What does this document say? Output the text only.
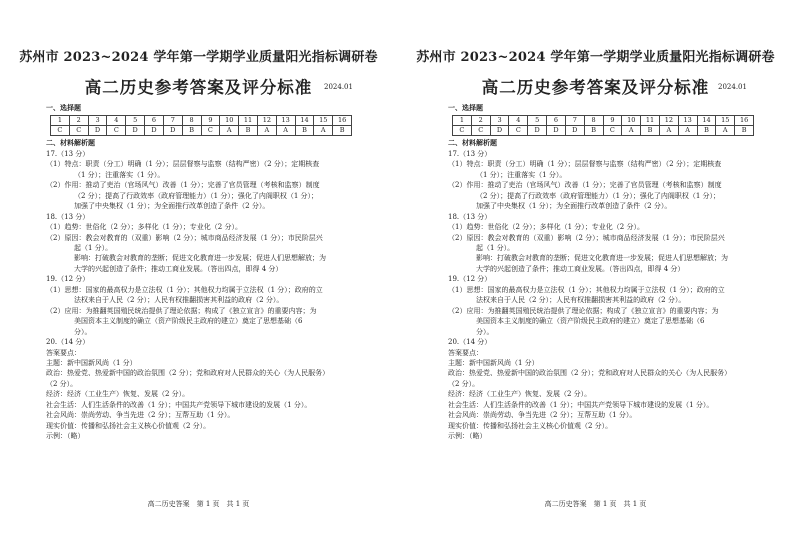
苏州市 2023~2024 学年第一学期学业质量阳光指标调研卷
高二历史参考答案及评分标准	2024.01
一、选择题
1	2	3	4	5	6	7	8	9	10	11	12	13	14	15	16
C	C	D	C	D	D	D	B	C	A	B	A	A	B	A	B
二、材料解析题
17.（13 分）
（1）特点：职责（分工）明确（1 分）；层层督察与监察（结构严密）（2 分）；定期核查
（1 分）；注重落实（1 分）。
（2）作用：推动了吏治（官场风气）改善（1 分）；完善了官员管理（考核和监察）制度
（2 分）；提高了行政效率（政府管理能力）（1 分）；强化了内阁职权（1 分）；
加强了中央集权（1 分）；为全面推行改革创造了条件（2 分）。
18.（13 分）
（1）趋势：世俗化（2 分）；多样化（1 分）；专业化（2 分）。
（2）原因：教会对教育的（双重）影响（2 分）；城市商品经济发展（1 分）；市民阶层兴
起（1 分）。
影响：打破教会对教育的垄断；促进文化教育进一步发展；促进人们思想解放；为
大学的兴起创造了条件；推动工商业发展。（答出四点，即得 4 分）
19.（12 分）
（1）思想：国家的最高权力是立法权（1 分）；其他权力均属于立法权（1 分）；政府的立
法权来自于人民（2 分）；人民有权推翻损害其利益的政府（2 分）。
（2）应用：为推翻英国殖民统治提供了理论依据；构成了《独立宣言》的重要内容；为
美国资本主义制度的确立（资产阶级民主政府的建立）奠定了思想基础（6
分）。
20.（14 分）
答案要点：
主题：新中国新风尚（1 分）
政治：热爱党、热爱新中国的政治氛围（2 分）；党和政府对人民群众的关心（为人民服务）
（2 分）。
经济：经济（工业生产）恢复、发展（2 分）。
社会生活：人们生活条件的改善（1 分）；中国共产党领导下城市建设的发展（1 分）。
社会风尚：崇尚劳动、争当先进（2 分）；互帮互助（1 分）。
现实价值：传播和弘扬社会主义核心价值观（2 分）。
示例：（略）
高二历史答案　第 1 页　共 1 页
苏州市 2023~2024 学年第一学期学业质量阳光指标调研卷
高二历史参考答案及评分标准	2024.01
一、选择题
1	2	3	4	5	6	7	8	9	10	11	12	13	14	15	16
C	C	D	C	D	D	D	B	C	A	B	A	A	B	A	B
二、材料解析题
17.（13 分）
（1）特点：职责（分工）明确（1 分）；层层督察与监察（结构严密）（2 分）；定期核查
（1 分）；注重落实（1 分）。
（2）作用：推动了吏治（官场风气）改善（1 分）；完善了官员管理（考核和监察）制度
（2 分）；提高了行政效率（政府管理能力）（1 分）；强化了内阁职权（1 分）；
加强了中央集权（1 分）；为全面推行改革创造了条件（2 分）。
18.（13 分）
（1）趋势：世俗化（2 分）；多样化（1 分）；专业化（2 分）。
（2）原因：教会对教育的（双重）影响（2 分）；城市商品经济发展（1 分）；市民阶层兴
起（1 分）。
影响：打破教会对教育的垄断；促进文化教育进一步发展；促进人们思想解放；为
大学的兴起创造了条件；推动工商业发展。（答出四点，即得 4 分）
19.（12 分）
（1）思想：国家的最高权力是立法权（1 分）；其他权力均属于立法权（1 分）；政府的立
法权来自于人民（2 分）；人民有权推翻损害其利益的政府（2 分）。
（2）应用：为推翻英国殖民统治提供了理论依据；构成了《独立宣言》的重要内容；为
美国资本主义制度的确立（资产阶级民主政府的建立）奠定了思想基础（6
分）。
20.（14 分）
答案要点：
主题：新中国新风尚（1 分）
政治：热爱党、热爱新中国的政治氛围（2 分）；党和政府对人民群众的关心（为人民服务）
（2 分）。
经济：经济（工业生产）恢复、发展（2 分）。
社会生活：人们生活条件的改善（1 分）；中国共产党领导下城市建设的发展（1 分）。
社会风尚：崇尚劳动、争当先进（2 分）；互帮互助（1 分）。
现实价值：传播和弘扬社会主义核心价值观（2 分）。
示例：（略）
高二历史答案　第 1 页　共 1 页
